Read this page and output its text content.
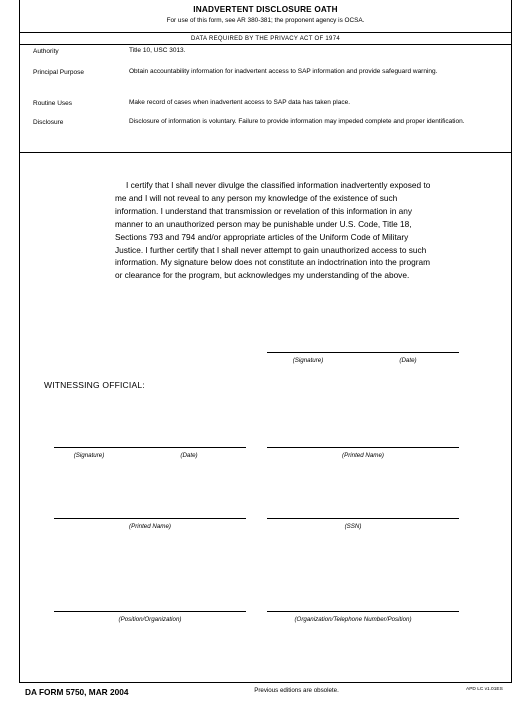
INADVERTENT DISCLOSURE OATH
For use of this form, see AR 380-381; the proponent agency is OCSA.
DATA REQUIRED BY THE PRIVACY ACT OF 1974
Authority	Title 10, USC 3013.
Principal Purpose	Obtain accountability information for inadvertent access to SAP information and provide safeguard warning.
Routine Uses	Make record of cases when inadvertent access to SAP data has taken place.
Disclosure	Disclosure of information is voluntary. Failure to provide information may impeded complete and proper identification.
I certify that I shall never divulge the classified information inadvertently exposed to me and I will not reveal to any person my knowledge of the existence of such information. I understand that transmission or revelation of this information in any manner to an unauthorized person may be punishable under U.S. Code, Title 18, Sections 793 and 794 and/or appropriate articles of the Uniform Code of Military Justice. I further certify that I shall never attempt to gain unauthorized access to such information. My signature below does not constitute an indoctrination into the program or clearance for the program, but acknowledges my understanding of the above.
(Signature)	(Date)
WITNESSING OFFICIAL:
(Signature)	(Date)	(Printed Name)
(Printed Name)	(SSN)
(Position/Organization)	(Organization/Telephone Number/Position)
DA FORM 5750, MAR 2004	Previous editions are obsolete.	APD LC v1.01ES
